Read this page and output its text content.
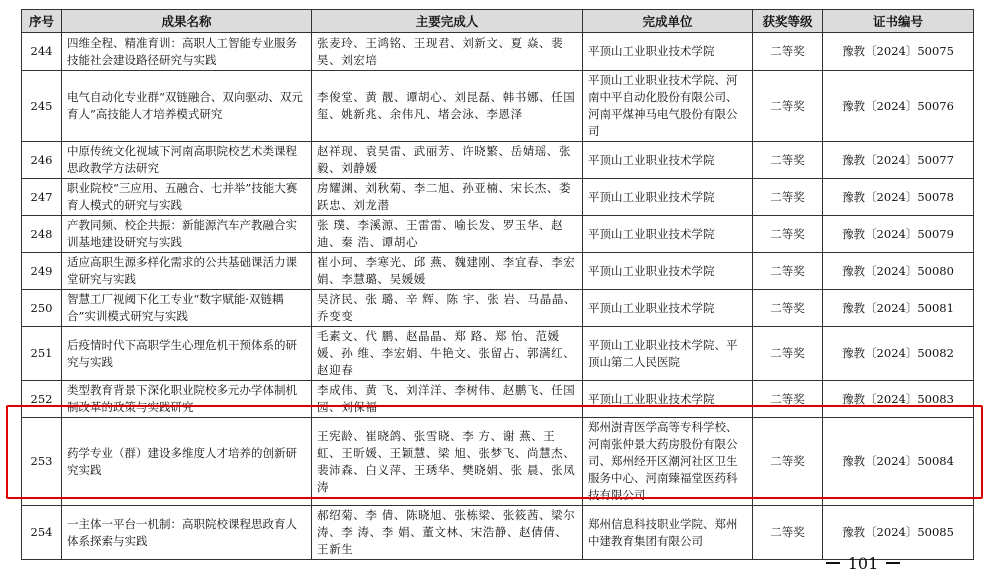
序号	成果名称	主要完成人	完成单位	获奖等级	证书编号
244	四维全程、精准育训：高职人工智能专业服务技能社会建设路径研究与实践	张麦玲、王鸿铭、王现君、刘新文、夏 焱、裴 昊、刘宏培	平顶山工业职业技术学院	二等奖	豫教〔2024〕50075
245	电气自动化专业群“双链融合、双向驱动、双元育人”高技能人才培养模式研究	李俊堂、黄 靓、谭胡心、刘昆磊、韩书娜、任国玺、姚新兆、余伟凡、堵会泳、李恩泽	平顶山工业职业技术学院、河南中平自动化股份有限公司、河南平煤神马电气股份有限公司	二等奖	豫教〔2024〕50076
246	中原传统文化视域下河南高职院校艺术类课程思政教学方法研究	赵祥现、袁昊雷、武丽芳、许晓繁、岳婧瑶、张 毅、刘静媛	平顶山工业职业技术学院	二等奖	豫教〔2024〕50077
247	职业院校“三应用、五融合、七并举”技能大赛育人模式的研究与实践	房耀渊、刘秋菊、李二旭、孙亚楠、宋长杰、娄跃忠、刘龙潜	平顶山工业职业技术学院	二等奖	豫教〔2024〕50078
248	产教同频、校企共振：新能源汽车产教融合实训基地建设研究与实践	张 璞、李溪源、王雷雷、喻长发、罗玉华、赵 迪、秦 浩、谭胡心	平顶山工业职业技术学院	二等奖	豫教〔2024〕50079
249	适应高职生源多样化需求的公共基础课活力课堂研究与实践	崔小珂、李寒光、邱 燕、魏建刚、李宜春、李宏娟、李慧璐、吴媛媛	平顶山工业职业技术学院	二等奖	豫教〔2024〕50080
250	智慧工厂视阈下化工专业“数字赋能·双链耦合”实训模式研究与实践	吴济民、张 璐、辛 辉、陈 宇、张 岩、马晶晶、乔变变	平顶山工业职业技术学院	二等奖	豫教〔2024〕50081
251	后疫情时代下高职学生心理危机干预体系的研究与实践	毛素文、代 鹏、赵晶晶、郑 路、郑 怡、范媛媛、孙 维、李宏娟、牛艳文、张留占、郭满红、赵迎春	平顶山工业职业技术学院、平顶山第二人民医院	二等奖	豫教〔2024〕50082
252	类型教育背景下深化职业院校多元办学体制机制改革的政策与实践研究	李成伟、黄 飞、刘洋洋、李树伟、赵鹏飞、任国园、刘保福	平顶山工业职业技术学院	二等奖	豫教〔2024〕50083
253	药学专业（群）建设多维度人才培养的创新研究实践	王宪龄、崔晓鸽、张雪晓、李 方、谢 燕、王 虹、王昕媛、王颖慧、梁 旭、张梦飞、尚慧杰、裴沛森、白义萍、王琇华、樊晓娟、张 晨、张凤涛	郑州澍青医学高等专科学校、河南张仲景大药房股份有限公司、郑州经开区潮河社区卫生服务中心、河南臻福堂医药科技有限公司	二等奖	豫教〔2024〕50084
254	一主体一平台一机制：高职院校课程思政育人体系探索与实践	郝绍菊、李 倩、陈晓旭、张栋梁、张筱茜、梁尔涛、李 涛、李 娟、董文林、宋浩静、赵倩倩、王新生	郑州信息科技职业学院、郑州中建教育集团有限公司	二等奖	豫教〔2024〕50085
101
